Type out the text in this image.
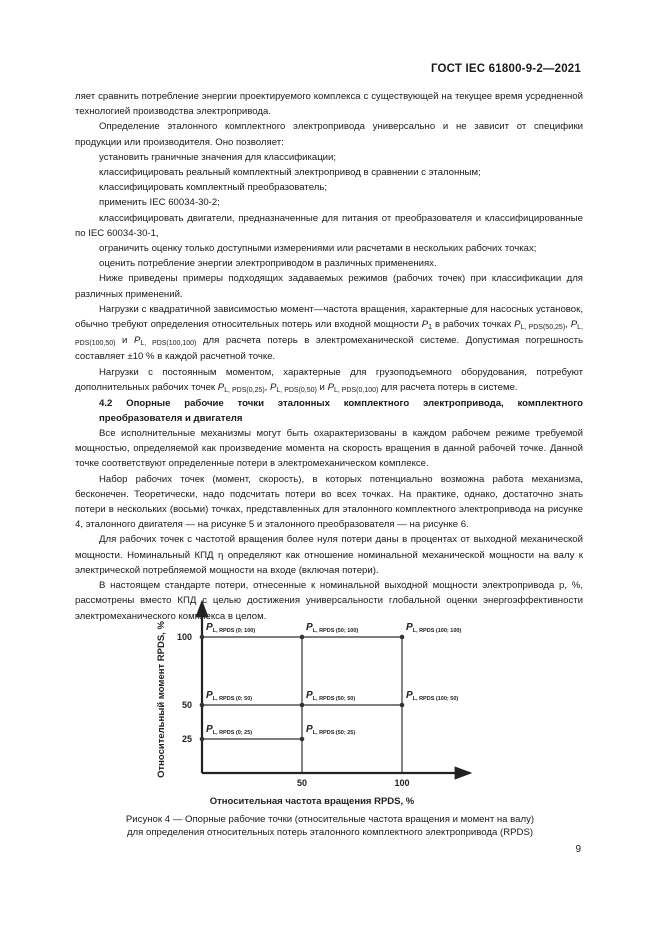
ГОСТ IEC 61800-9-2—2021

ляет сравнить потребление энергии проектируемого комплекса с существующей на текущее время усредненной технологией производства электропривода.

Определение эталонного комплектного электропривода универсально и не зависит от специфики продукции или производителя. Оно позволяет:

установить граничные значения для классификации;

классифицировать реальный комплектный электропривод в сравнении с эталонным;

классифицировать комплектный преобразователь;

применить IEC 60034-30-2;

классифицировать двигатели, предназначенные для питания от преобразователя и классифицированные по IEC 60034-30-1,

ограничить оценку только доступными измерениями или расчетами в нескольких рабочих точках;

оценить потребление энергии электроприводом в различных применениях.

Ниже приведены примеры подходящих задаваемых режимов (рабочих точек) при классификации для различных применений.

Нагрузки с квадратичной зависимостью момент—частота вращения, характерные для насосных установок, обычно требуют определения относительных потерь или входной мощности $P_1$ в рабочих точках $P_{L, PDS(50,25)}$, $P_{L, PDS(100,50)}$ и $P_{L, PDS(100,100)}$ для расчета потерь в электромеханической системе. Допустимая погрешность составляет ±10 % в каждой расчетной точке.

Нагрузки с постоянным моментом, характерные для грузоподъемного оборудования, потребуют дополнительных рабочих точек $P_{L, PDS(0,25)}$, $P_{L, PDS(0,50)}$ и $P_{L, PDS(0,100)}$ для расчета потерь в системе.

4.2 Опорные рабочие точки эталонных комплектного электропривода, комплектного преобразователя и двигателя

Все исполнительные механизмы могут быть охарактеризованы в каждом рабочем режиме требуемой мощностью, определяемой как произведение момента на скорость вращения в данной рабочей точке. Данной точке соответствуют определенные потери в электромеханическом комплексе.

Набор рабочих точек (момент, скорость), в которых потенциально возможна работа механизма, бесконечен. Теоретически, надо подсчитать потери во всех точках. На практике, однако, достаточно знать потери в нескольких (восьми) точках, представленных для эталонного комплектного электропривода на рисунке 4, эталонного двигателя — на рисунке 5 и эталонного преобразователя — на рисунке 6.

Для рабочих точек с частотой вращения более нуля потери даны в процентах от выходной механической мощности. Номинальный КПД η определяют как отношение номинальной механической мощности на валу к электрической потребляемой мощности на входе (включая потери).

В настоящем стандарте потери, отнесенные к номинальной выходной мощности электропривода р, %, рассмотрены вместо КПД с целью достижения универсальности глобальной оценки энергоэффективности электромеханического комплекса в целом.

$P_{L, RPDS (0; 100)}$	$P_{L, RPDS (50; 100)}$	$P_{L, RPDS (100; 100)}$
$P_{L, RPDS (0; 50)}$	$P_{L, RPDS (50; 50)}$	$P_{L, RPDS (100; 50)}$
$P_{L, RPDS (0; 25)}$	$P_{L, RPDS (50; 25)}$
50	100
100
50
25
Относительная частота вращения RPDS, %
Относительный момент RPDS, %
Рисунок 4 — Опорные рабочие точки (относительные частота вращения и момент на валу)
для определения относительных потерь эталонного комплектного электропривода (RPDS)
9
